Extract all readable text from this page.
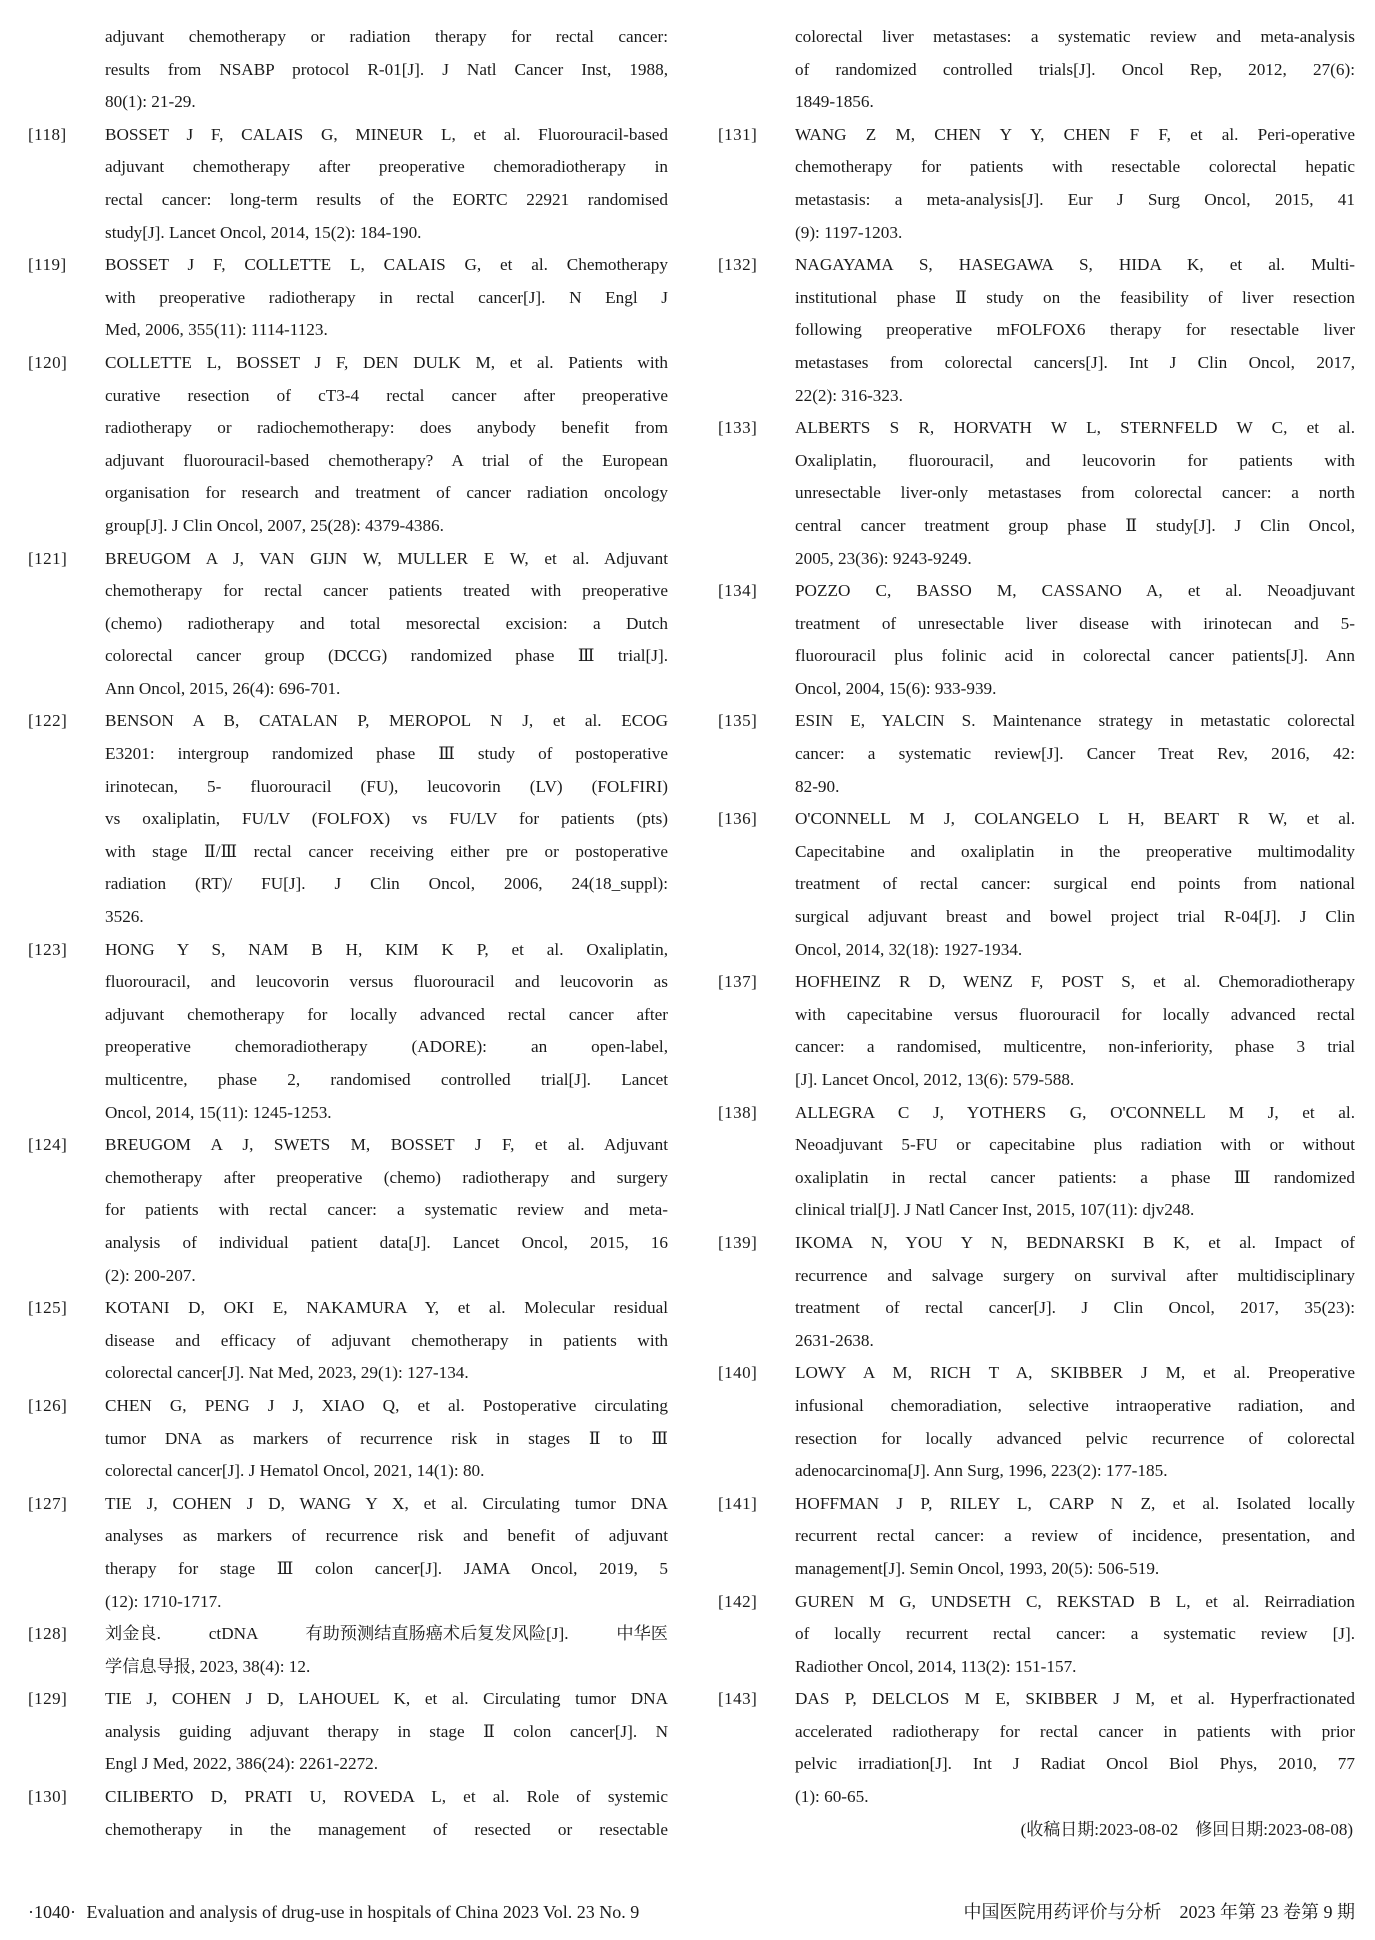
adjuvant chemotherapy or radiation therapy for rectal cancer:
results from NSABP protocol R-01[J]. J Natl Cancer Inst, 1988,
80(1): 21-29.
[118] BOSSET J F, CALAIS G, MINEUR L, et al. Fluorouracil-based
adjuvant chemotherapy after preoperative chemoradiotherapy in
rectal cancer: long-term results of the EORTC 22921 randomised
study[J]. Lancet Oncol, 2014, 15(2): 184-190.
[119] BOSSET J F, COLLETTE L, CALAIS G, et al. Chemotherapy
with preoperative radiotherapy in rectal cancer[J]. N Engl J
Med, 2006, 355(11): 1114-1123.
[120] COLLETTE L, BOSSET J F, DEN DULK M, et al. Patients with
curative resection of cT3-4 rectal cancer after preoperative
radiotherapy or radiochemotherapy: does anybody benefit from
adjuvant fluorouracil-based chemotherapy? A trial of the European
organisation for research and treatment of cancer radiation oncology
group[J]. J Clin Oncol, 2007, 25(28): 4379-4386.
[121] BREUGOM A J, VAN GIJN W, MULLER E W, et al. Adjuvant
chemotherapy for rectal cancer patients treated with preoperative
(chemo) radiotherapy and total mesorectal excision: a Dutch
colorectal cancer group (DCCG) randomized phase Ⅲ trial[J].
Ann Oncol, 2015, 26(4): 696-701.
[122] BENSON A B, CATALAN P, MEROPOL N J, et al. ECOG
E3201: intergroup randomized phase Ⅲ study of postoperative
irinotecan, 5- fluorouracil (FU), leucovorin (LV) (FOLFIRI)
vs oxaliplatin, FU/LV (FOLFOX) vs FU/LV for patients (pts)
with stage Ⅱ/Ⅲ rectal cancer receiving either pre or postoperative
radiation (RT)/ FU[J]. J Clin Oncol, 2006, 24(18_suppl):
3526.
[123] HONG Y S, NAM B H, KIM K P, et al. Oxaliplatin,
fluorouracil, and leucovorin versus fluorouracil and leucovorin as
adjuvant chemotherapy for locally advanced rectal cancer after
preoperative chemoradiotherapy (ADORE): an open-label,
multicentre, phase 2, randomised controlled trial[J]. Lancet
Oncol, 2014, 15(11): 1245-1253.
[124] BREUGOM A J, SWETS M, BOSSET J F, et al. Adjuvant
chemotherapy after preoperative (chemo) radiotherapy and surgery
for patients with rectal cancer: a systematic review and meta-
analysis of individual patient data[J]. Lancet Oncol, 2015, 16
(2): 200-207.
[125] KOTANI D, OKI E, NAKAMURA Y, et al. Molecular residual
disease and efficacy of adjuvant chemotherapy in patients with
colorectal cancer[J]. Nat Med, 2023, 29(1): 127-134.
[126] CHEN G, PENG J J, XIAO Q, et al. Postoperative circulating
tumor DNA as markers of recurrence risk in stages Ⅱ to Ⅲ
colorectal cancer[J]. J Hematol Oncol, 2021, 14(1): 80.
[127] TIE J, COHEN J D, WANG Y X, et al. Circulating tumor DNA
analyses as markers of recurrence risk and benefit of adjuvant
therapy for stage Ⅲ colon cancer[J]. JAMA Oncol, 2019, 5
(12): 1710-1717.
[128] 刘金良. ctDNA 有助预测结直肠癌术后复发风险[J]. 中华医
学信息导报, 2023, 38(4): 12.
[129] TIE J, COHEN J D, LAHOUEL K, et al. Circulating tumor DNA
analysis guiding adjuvant therapy in stage Ⅱ colon cancer[J]. N
Engl J Med, 2022, 386(24): 2261-2272.
[130] CILIBERTO D, PRATI U, ROVEDA L, et al. Role of systemic
chemotherapy in the management of resected or resectable
colorectal liver metastases: a systematic review and meta-analysis
of randomized controlled trials[J]. Oncol Rep, 2012, 27(6):
1849-1856.
[131] WANG Z M, CHEN Y Y, CHEN F F, et al. Peri-operative
chemotherapy for patients with resectable colorectal hepatic
metastasis: a meta-analysis[J]. Eur J Surg Oncol, 2015, 41
(9): 1197-1203.
[132] NAGAYAMA S, HASEGAWA S, HIDA K, et al. Multi-
institutional phase Ⅱ study on the feasibility of liver resection
following preoperative mFOLFOX6 therapy for resectable liver
metastases from colorectal cancers[J]. Int J Clin Oncol, 2017,
22(2): 316-323.
[133] ALBERTS S R, HORVATH W L, STERNFELD W C, et al.
Oxaliplatin, fluorouracil, and leucovorin for patients with
unresectable liver-only metastases from colorectal cancer: a north
central cancer treatment group phase Ⅱ study[J]. J Clin Oncol,
2005, 23(36): 9243-9249.
[134] POZZO C, BASSO M, CASSANO A, et al. Neoadjuvant
treatment of unresectable liver disease with irinotecan and 5-
fluorouracil plus folinic acid in colorectal cancer patients[J]. Ann
Oncol, 2004, 15(6): 933-939.
[135] ESIN E, YALCIN S. Maintenance strategy in metastatic colorectal
cancer: a systematic review[J]. Cancer Treat Rev, 2016, 42:
82-90.
[136] O'CONNELL M J, COLANGELO L H, BEART R W, et al.
Capecitabine and oxaliplatin in the preoperative multimodality
treatment of rectal cancer: surgical end points from national
surgical adjuvant breast and bowel project trial R-04[J]. J Clin
Oncol, 2014, 32(18): 1927-1934.
[137] HOFHEINZ R D, WENZ F, POST S, et al. Chemoradiotherapy
with capecitabine versus fluorouracil for locally advanced rectal
cancer: a randomised, multicentre, non-inferiority, phase 3 trial
[J]. Lancet Oncol, 2012, 13(6): 579-588.
[138] ALLEGRA C J, YOTHERS G, O'CONNELL M J, et al.
Neoadjuvant 5-FU or capecitabine plus radiation with or without
oxaliplatin in rectal cancer patients: a phase Ⅲ randomized
clinical trial[J]. J Natl Cancer Inst, 2015, 107(11): djv248.
[139] IKOMA N, YOU Y N, BEDNARSKI B K, et al. Impact of
recurrence and salvage surgery on survival after multidisciplinary
treatment of rectal cancer[J]. J Clin Oncol, 2017, 35(23):
2631-2638.
[140] LOWY A M, RICH T A, SKIBBER J M, et al. Preoperative
infusional chemoradiation, selective intraoperative radiation, and
resection for locally advanced pelvic recurrence of colorectal
adenocarcinoma[J]. Ann Surg, 1996, 223(2): 177-185.
[141] HOFFMAN J P, RILEY L, CARP N Z, et al. Isolated locally
recurrent rectal cancer: a review of incidence, presentation, and
management[J]. Semin Oncol, 1993, 20(5): 506-519.
[142] GUREN M G, UNDSETH C, REKSTAD B L, et al. Reirradiation
of locally recurrent rectal cancer: a systematic review [J].
Radiother Oncol, 2014, 113(2): 151-157.
[143] DAS P, DELCLOS M E, SKIBBER J M, et al. Hyperfractionated
accelerated radiotherapy for rectal cancer in patients with prior
pelvic irradiation[J]. Int J Radiat Oncol Biol Phys, 2010, 77
(1): 60-65.
(收稿日期:2023-08-02　修回日期:2023-08-08)
·1040· Evaluation and analysis of drug-use in hospitals of China 2023 Vol. 23 No. 9	中国医院用药评价与分析　2023 年第 23 卷第 9 期
